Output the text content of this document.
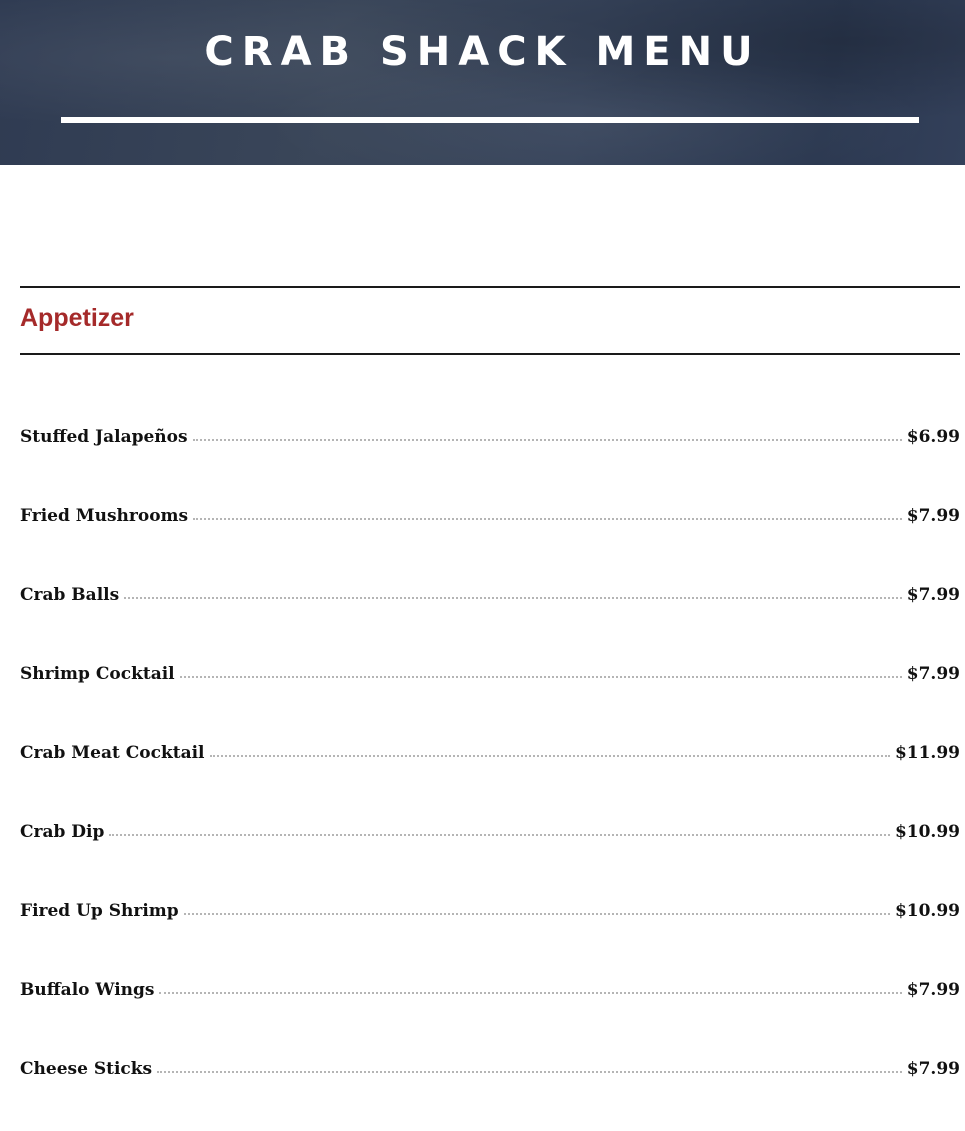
CRAB SHACK MENU
Appetizer
Stuffed Jalapeños	$6.99
Fried Mushrooms	$7.99
Crab Balls	$7.99
Shrimp Cocktail	$7.99
Crab Meat Cocktail	$11.99
Crab Dip	$10.99
Fired Up Shrimp	$10.99
Buffalo Wings	$7.99
Cheese Sticks	$7.99
